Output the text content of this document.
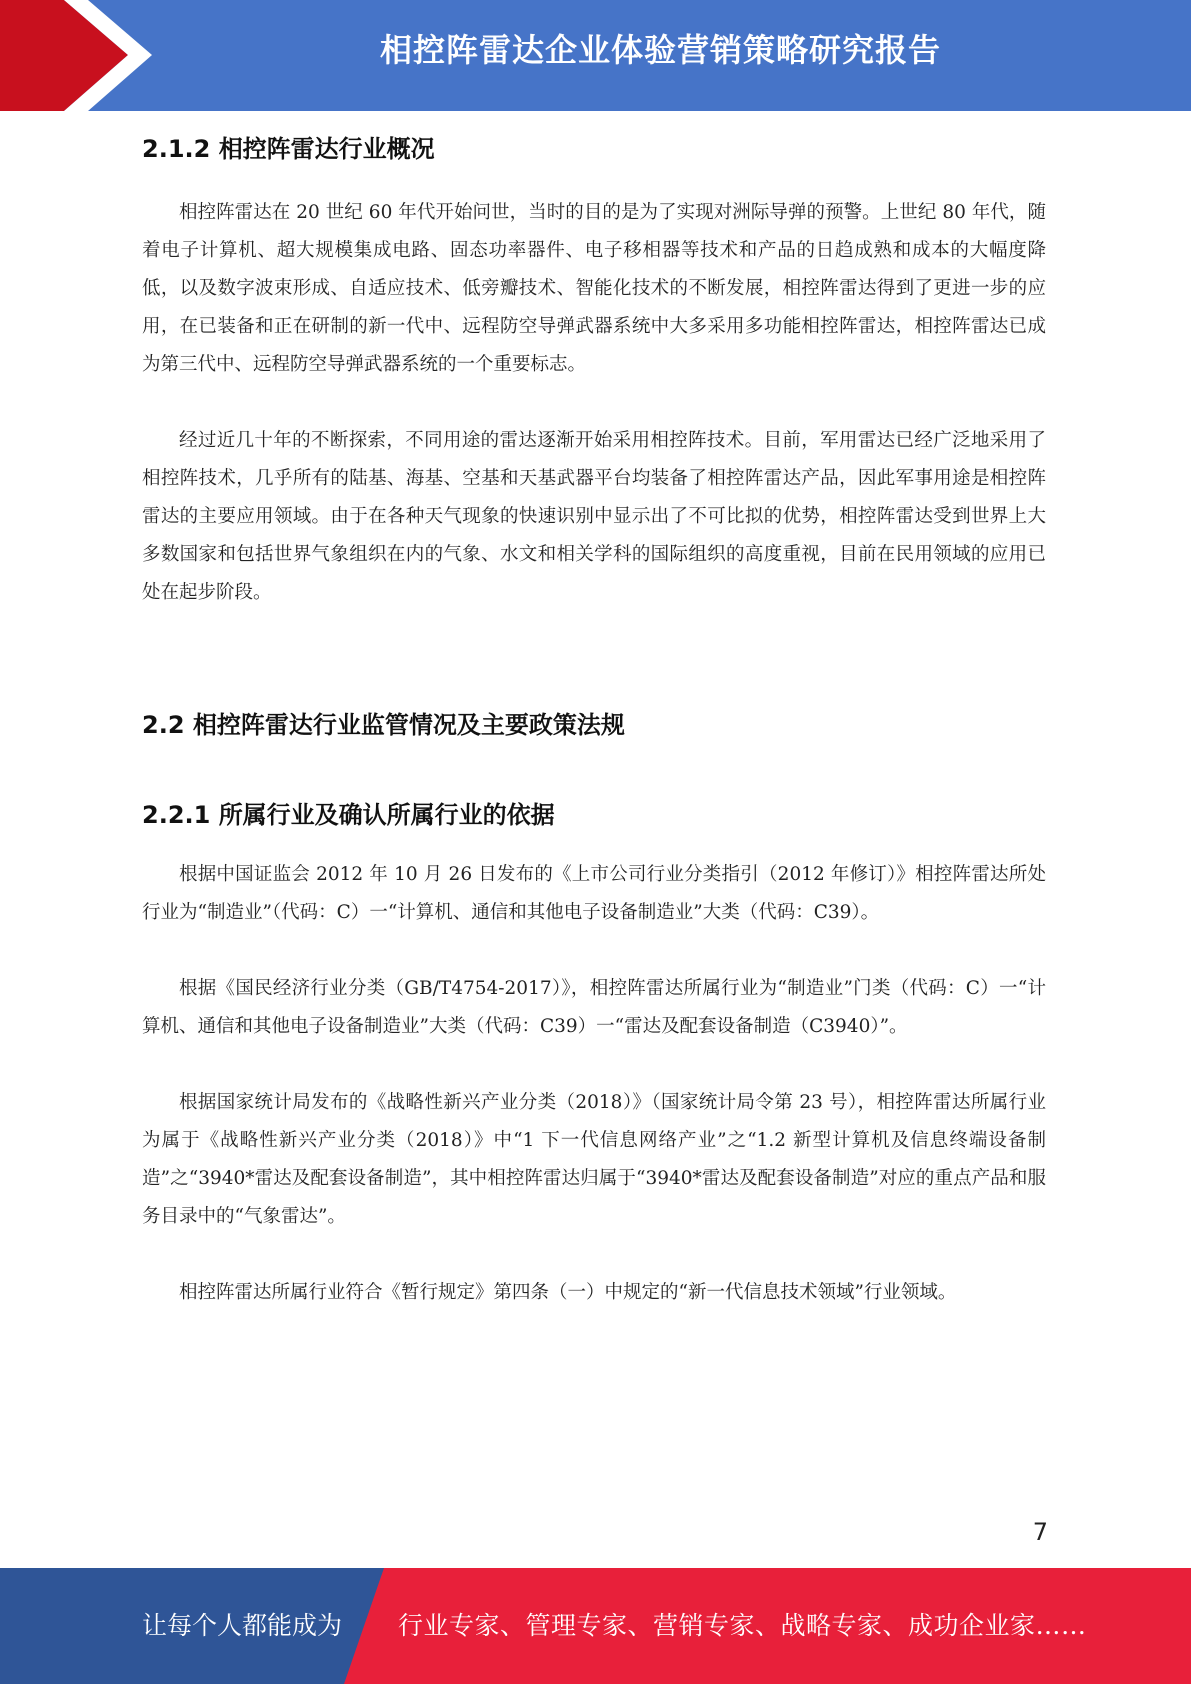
相控阵雷达企业体验营销策略研究报告
2.1.2 相控阵雷达行业概况

相控阵雷达在 20 世纪 60 年代开始问世，当时的目的是为了实现对洲际导弹的预警。上世纪 80 年代，随着电子计算机、超大规模集成电路、固态功率器件、电子移相器等技术和产品的日趋成熟和成本的大幅度降低，以及数字波束形成、自适应技术、低旁瓣技术、智能化技术的不断发展，相控阵雷达得到了更进一步的应用，在已装备和正在研制的新一代中、远程防空导弹武器系统中大多采用多功能相控阵雷达，相控阵雷达已成为第三代中、远程防空导弹武器系统的一个重要标志。

经过近几十年的不断探索，不同用途的雷达逐渐开始采用相控阵技术。目前，军用雷达已经广泛地采用了相控阵技术，几乎所有的陆基、海基、空基和天基武器平台均装备了相控阵雷达产品，因此军事用途是相控阵雷达的主要应用领域。由于在各种天气现象的快速识别中显示出了不可比拟的优势，相控阵雷达受到世界上大多数国家和包括世界气象组织在内的气象、水文和相关学科的国际组织的高度重视，目前在民用领域的应用已处在起步阶段。

2.2 相控阵雷达行业监管情况及主要政策法规
2.2.1 所属行业及确认所属行业的依据

根据中国证监会 2012 年 10 月 26 日发布的《上市公司行业分类指引（2012 年修订）》相控阵雷达所处行业为“制造业”（代码：C）一“计算机、通信和其他电子设备制造业”大类（代码：C39）。

根据《国民经济行业分类（GB/T4754-2017）》，相控阵雷达所属行业为“制造业”门类（代码：C）一“计算机、通信和其他电子设备制造业”大类（代码：C39）一“雷达及配套设备制造（C3940）”。

根据国家统计局发布的《战略性新兴产业分类（2018）》（国家统计局令第 23 号），相控阵雷达所属行业为属于《战略性新兴产业分类（2018）》中“1 下一代信息网络产业”之“1.2 新型计算机及信息终端设备制造”之“3940*雷达及配套设备制造”，其中相控阵雷达归属于“3940*雷达及配套设备制造”对应的重点产品和服务目录中的“气象雷达”。

相控阵雷达所属行业符合《暂行规定》第四条（一）中规定的“新一代信息技术领域”行业领域。

7
让每个人都能成为 行业专家、管理专家、营销专家、战略专家、成功企业家……
